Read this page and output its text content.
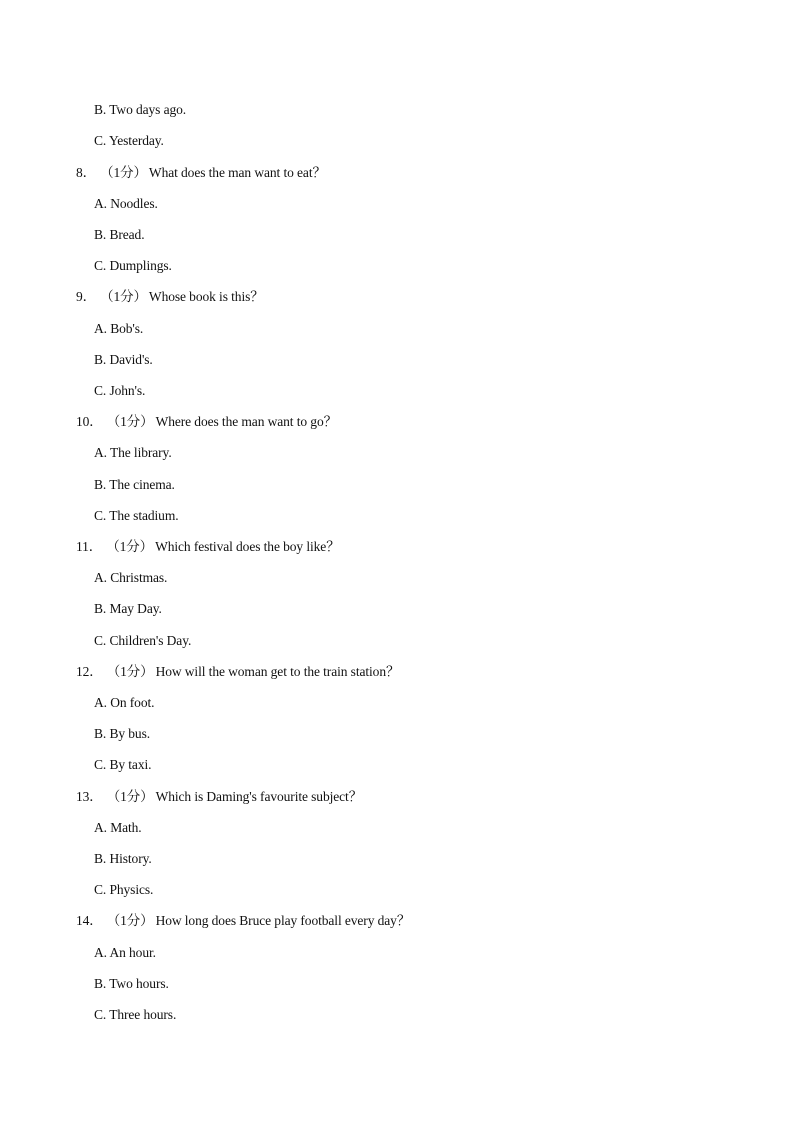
B. Two days ago.
C. Yesterday.
8． （1分） What does the man want to eat？
A. Noodles.
B. Bread.
C. Dumplings.
9． （1分） Whose book is this？
A. Bob's.
B. David's.
C. John's.
10． （1分） Where does the man want to go？
A. The library.
B. The cinema.
C. The stadium.
11． （1分） Which festival does the boy like？
A. Christmas.
B. May Day.
C. Children's Day.
12． （1分） How will the woman get to the train station？
A. On foot.
B. By bus.
C. By taxi.
13． （1分） Which is Daming's favourite subject？
A. Math.
B. History.
C. Physics.
14． （1分） How long does Bruce play football every day？
A. An hour.
B. Two hours.
C. Three hours.
